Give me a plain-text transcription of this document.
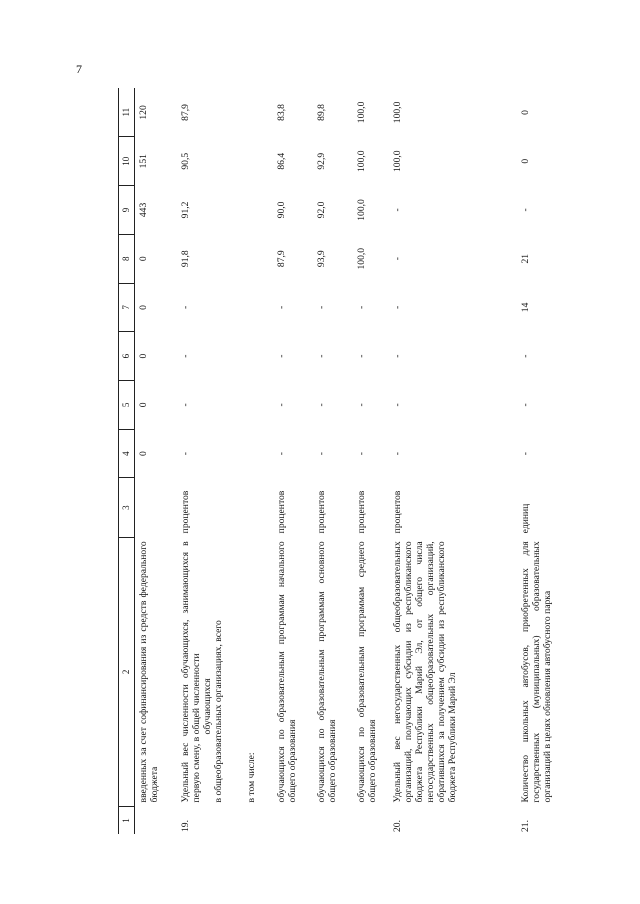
7
1	2	3	4	5	6	7	8	9	10	11
	введенных за счет софинансирования из средств федерального бюджета		0	0	0	0	0	443	151	120
19.	Удельный вес численности обучающихся, занимающихся в первую смену, в общей численности обучающихся в общеобразовательных организациях, всего	процентов	-	-	-	-	91,8	91,2	90,5	87,9
	в том числе:									
	обучающихся по образовательным программам начального общего образования	процентов	-	-	-	-	87,9	90,0	86,4	83,8
	обучающихся по образовательным программам основного общего образования	процентов	-	-	-	-	93,9	92,0	92,9	89,8
	обучающихся по образовательным программам среднего общего образования	процентов	-	-	-	-	100,0	100,0	100,0	100,0
20.	Удельный вес негосударственных общеобразовательных организаций, получающих субсидии из республиканского бюджета Республики Марий Эл, от общего числа негосударственных общеобразовательных организаций, обратившихся за получением субсидии из республиканского бюджета Республики Марий Эл	процентов	-	-	-	-	-	-	100,0	100,0
21.	Количество школьных автобусов, приобретенных для государственных (муниципальных) образовательных организаций в целях обновления автобусного парка	единиц	-	-	-	14	21	-	0	0
